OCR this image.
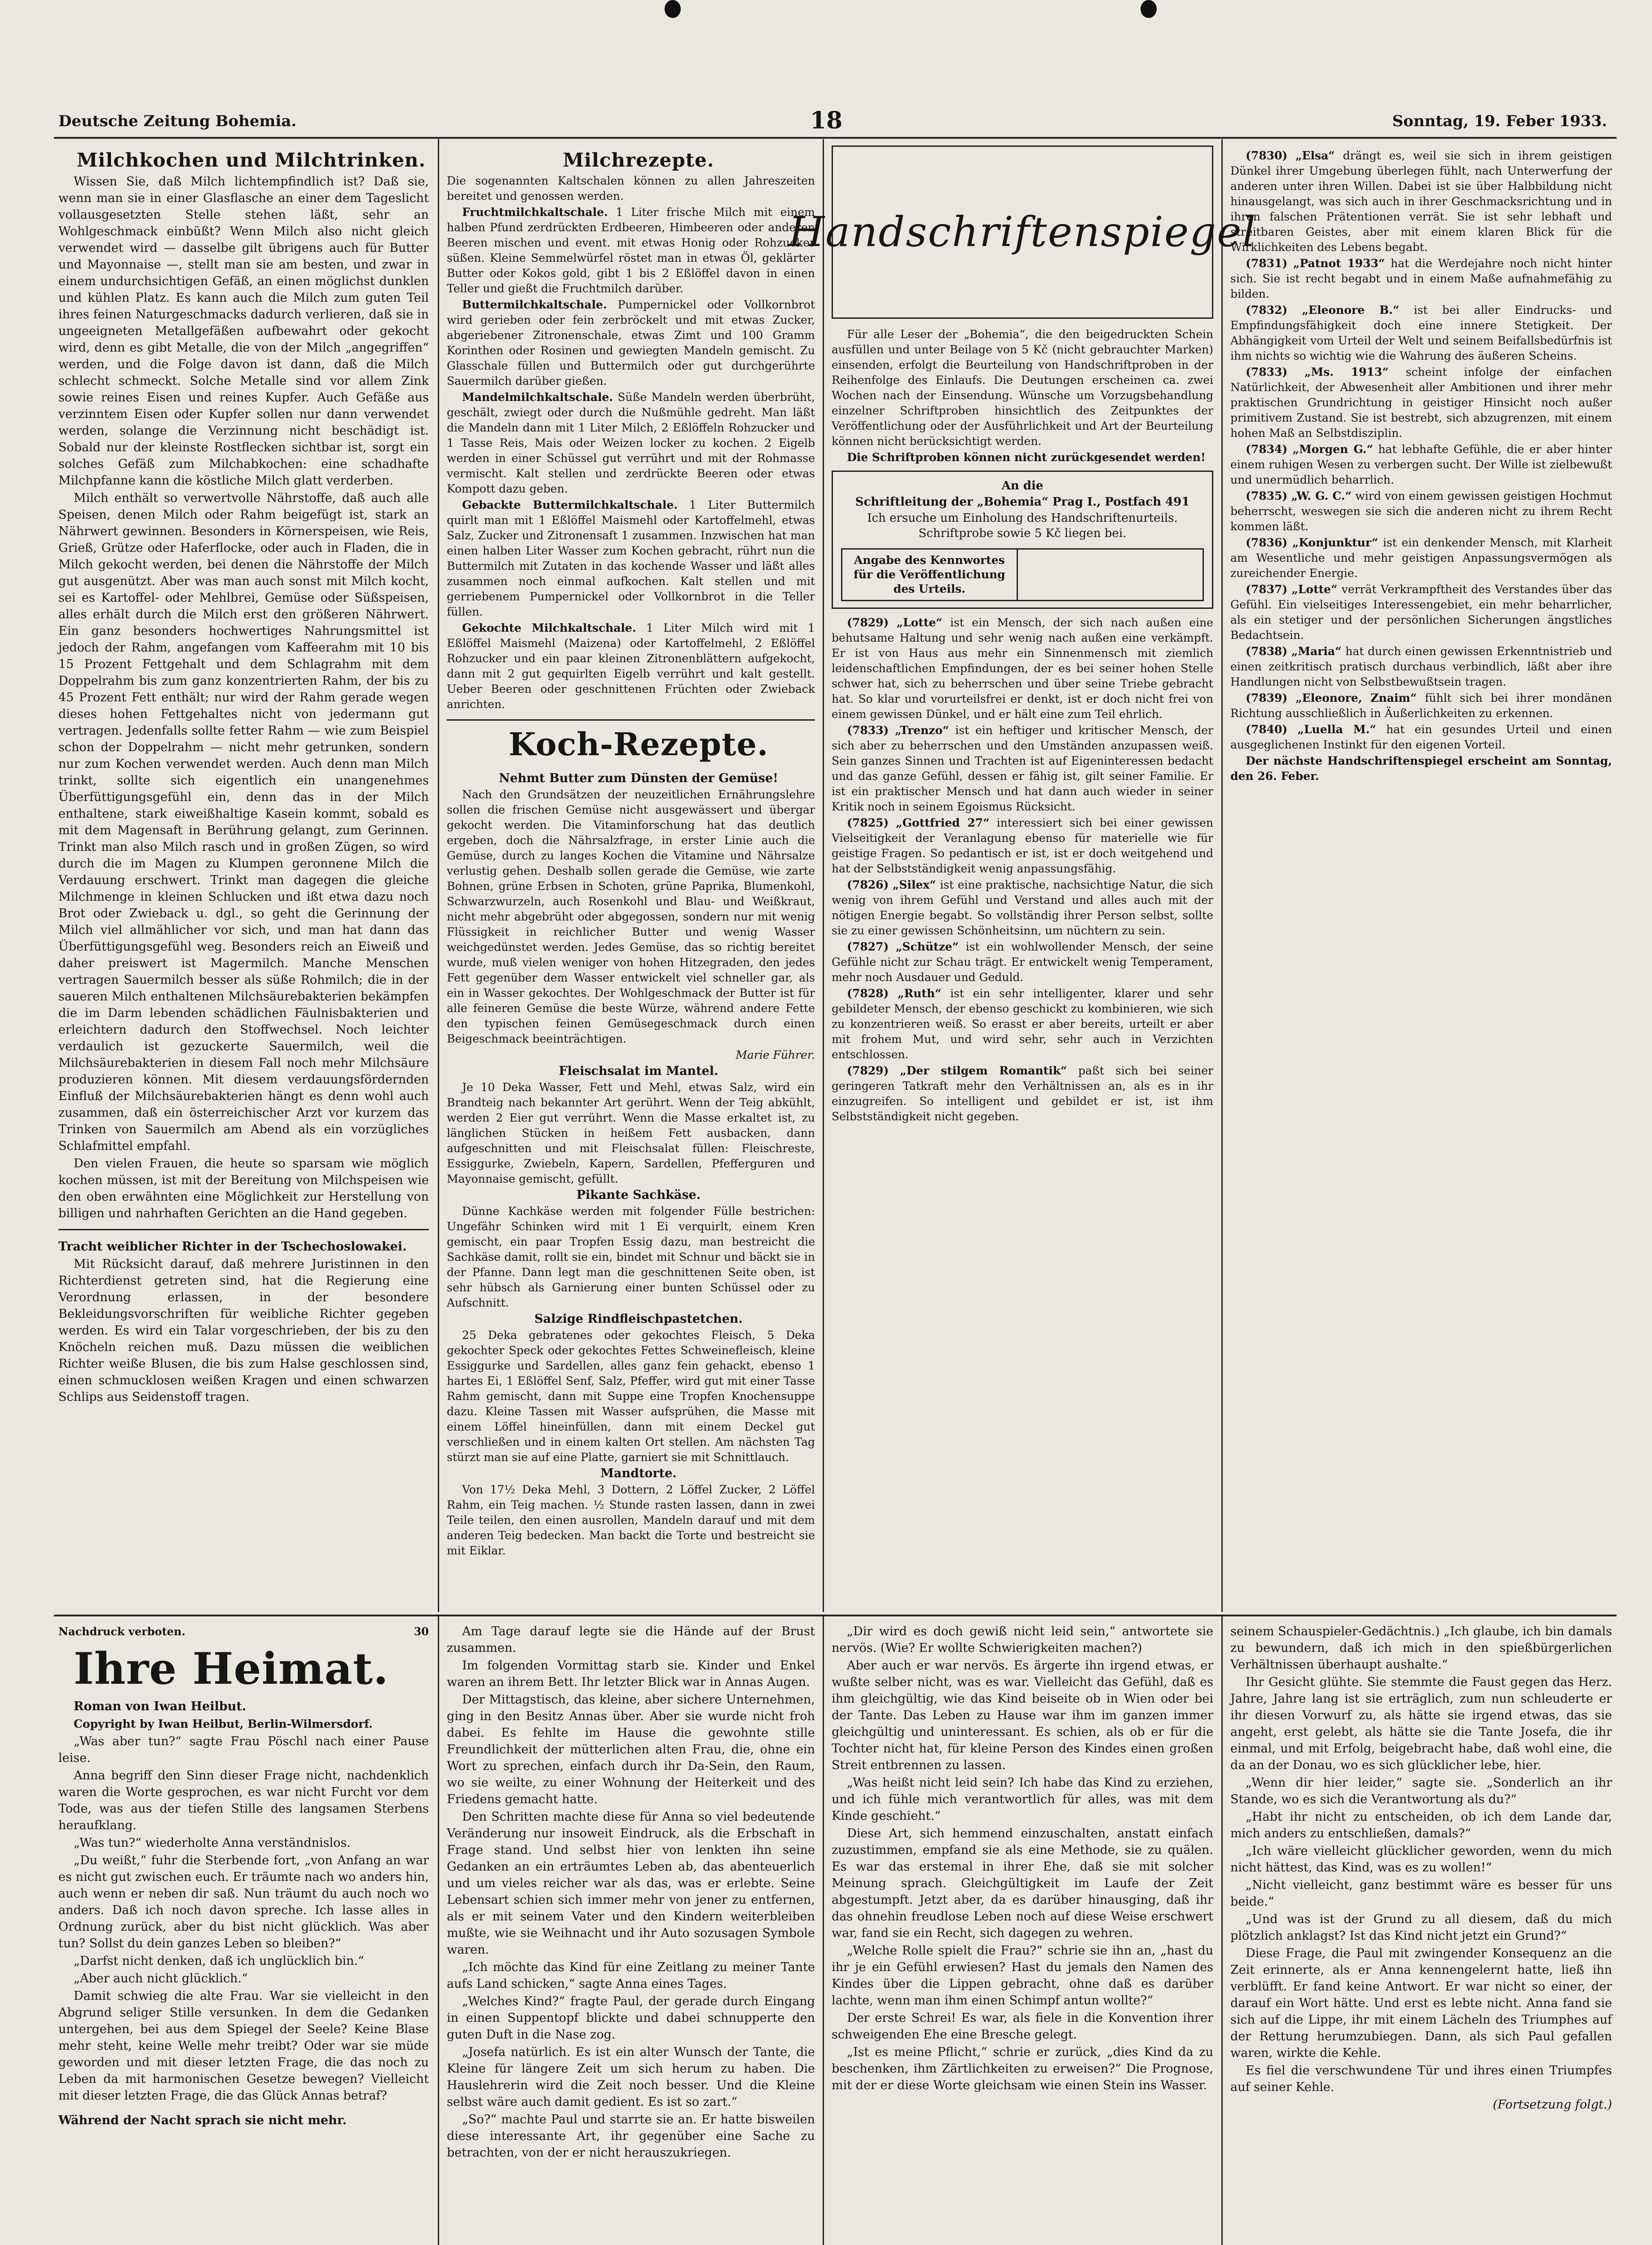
Deutsche Zeitung Bohemia.	18	Sonntag, 19. Feber 1933.

Milchkochen und Milchtrinken.

Wissen Sie, daß Milch lichtempfindlich ist? Daß sie, wenn man sie in einer Glasflasche an einer dem Tageslicht vollausgesetzten Stelle stehen läßt, sehr an Wohlgeschmack einbüßt? Wenn Milch also nicht gleich verwendet wird — dasselbe gilt übrigens auch für Butter und Mayonnaise —, stellt man sie am besten, und zwar in einem undurchsichtigen Gefäß, an einen möglichst dunklen und kühlen Platz. Es kann auch die Milch zum guten Teil ihres feinen Naturgeschmacks dadurch verlieren, daß sie in ungeeigneten Metallgefäßen aufbewahrt oder gekocht wird, denn es gibt Metalle, die von der Milch „angegriffen“ werden, und die Folge davon ist dann, daß die Milch schlecht schmeckt. Solche Metalle sind vor allem Zink sowie reines Eisen und reines Kupfer. Auch Gefäße aus verzinntem Eisen oder Kupfer sollen nur dann verwendet werden, solange die Verzinnung nicht beschädigt ist. Sobald nur der kleinste Rostflecken sichtbar ist, sorgt ein solches Gefäß zum Milchabkochen: eine schadhafte Milchpfanne kann die köstliche Milch glatt verderben.

Milch enthält so verwertvolle Nährstoffe, daß auch alle Speisen, denen Milch oder Rahm beigefügt ist, stark an Nährwert gewinnen. Besonders in Körnerspeisen, wie Reis, Grieß, Grütze oder Haferflocke, oder auch in Fladen, die in Milch gekocht werden, bei denen die Nährstoffe der Milch gut ausgenützt. Aber was man auch sonst mit Milch kocht, sei es Kartoffel- oder Mehlbrei, Gemüse oder Süßspeisen, alles erhält durch die Milch erst den größeren Nährwert. Ein ganz besonders hochwertiges Nahrungsmittel ist jedoch der Rahm, angefangen vom Kaffeerahm mit 10 bis 15 Prozent Fettgehalt und dem Schlagrahm mit dem Doppelrahm bis zum ganz konzentrierten Rahm, der bis zu 45 Prozent Fett enthält; nur wird der Rahm gerade wegen dieses hohen Fettgehaltes nicht von jedermann gut vertragen. Jedenfalls sollte fetter Rahm — wie zum Beispiel schon der Doppelrahm — nicht mehr getrunken, sondern nur zum Kochen verwendet werden. Auch denn man Milch trinkt, sollte sich eigentlich ein unangenehmes Überfüttigungsgefühl ein, denn das in der Milch enthaltene, stark eiweißhaltige Kasein kommt, sobald es mit dem Magensaft in Berührung gelangt, zum Gerinnen. Trinkt man also Milch rasch und in großen Zügen, so wird durch die im Magen zu Klumpen geronnene Milch die Verdauung erschwert. Trinkt man dagegen die gleiche Milchmenge in kleinen Schlucken und ißt etwa dazu noch Brot oder Zwieback u. dgl., so geht die Gerinnung der Milch viel allmählicher vor sich, und man hat dann das Überfüttigungsgefühl weg. Besonders reich an Eiweiß und daher preiswert ist Magermilch. Manche Menschen vertragen Sauermilch besser als süße Rohmilch; die in der saueren Milch enthaltenen Milchsäurebakterien bekämpfen die im Darm lebenden schädlichen Fäulnisbakterien und erleichtern dadurch den Stoffwechsel. Noch leichter verdaulich ist gezuckerte Sauermilch, weil die Milchsäurebakterien in diesem Fall noch mehr Milchsäure produzieren können. Mit diesem verdauungsfördernden Einfluß der Milchsäurebakterien hängt es denn wohl auch zusammen, daß ein österreichischer Arzt vor kurzem das Trinken von Sauermilch am Abend als ein vorzügliches Schlafmittel empfahl.

Den vielen Frauen, die heute so sparsam wie möglich kochen müssen, ist mit der Bereitung von Milchspeisen wie den oben erwähnten eine Möglichkeit zur Herstellung von billigen und nahrhaften Gerichten an die Hand gegeben.

Tracht weiblicher Richter in der Tschechoslowakei.

Mit Rücksicht darauf, daß mehrere Juristinnen in den Richterdienst getreten sind, hat die Regierung eine Verordnung erlassen, in der besondere Bekleidungsvorschriften für weibliche Richter gegeben werden. Es wird ein Talar vorgeschrieben, der bis zu den Knöcheln reichen muß. Dazu müssen die weiblichen Richter weiße Blusen, die bis zum Halse geschlossen sind, einen schmucklosen weißen Kragen und einen schwarzen Schlips aus Seidenstoff tragen.

Milchrezepte.

Die sogenannten Kaltschalen können zu allen Jahreszeiten bereitet und genossen werden.

Fruchtmilchkaltschale. 1 Liter frische Milch mit einem halben Pfund zerdrückten Erdbeeren, Himbeeren oder anderen Beeren mischen und event. mit etwas Honig oder Rohzucker süßen. Kleine Semmelwürfel röstet man in etwas Öl, geklärter Butter oder Kokos gold, gibt 1 bis 2 Eßlöffel davon in einen Teller und gießt die Fruchtmilch darüber.

Buttermilchkaltschale. Pumpernickel oder Vollkornbrot wird gerieben oder fein zerbröckelt und mit etwas Zucker, abgeriebener Zitronenschale, etwas Zimt und 100 Gramm Korinthen oder Rosinen und gewiegten Mandeln gemischt. Zu Glasschale füllen und Buttermilch oder gut durchgerührte Sauermilch darüber gießen.

Mandelmilchkaltschale. Süße Mandeln werden überbrüht, geschält, zwiegt oder durch die Nußmühle gedreht. Man läßt die Mandeln dann mit 1 Liter Milch, 2 Eßlöffeln Rohzucker und 1 Tasse Reis, Mais oder Weizen locker zu kochen. 2 Eigelb werden in einer Schüssel gut verrührt und mit der Rohmasse vermischt. Kalt stellen und zerdrückte Beeren oder etwas Kompott dazu geben.

Gebackte Buttermilchkaltschale. 1 Liter Buttermilch quirlt man mit 1 Eßlöffel Maismehl oder Kartoffelmehl, etwas Salz, Zucker und Zitronensaft 1 zusammen. Inzwischen hat man einen halben Liter Wasser zum Kochen gebracht, rührt nun die Buttermilch mit Zutaten in das kochende Wasser und läßt alles zusammen noch einmal aufkochen. Kalt stellen und mit gerriebenem Pumpernickel oder Vollkornbrot in die Teller füllen.

Gekochte Milchkaltschale. 1 Liter Milch wird mit 1 Eßlöffel Maismehl (Maizena) oder Kartoffelmehl, 2 Eßlöffel Rohzucker und ein paar kleinen Zitronenblättern aufgekocht, dann mit 2 gut gequirlten Eigelb verrührt und kalt gestellt. Ueber Beeren oder geschnittenen Früchten oder Zwieback anrichten.

Koch-Rezepte.

Nehmt Butter zum Dünsten der Gemüse!

Nach den Grundsätzen der neuzeitlichen Ernährungslehre sollen die frischen Gemüse nicht ausgewässert und übergar gekocht werden. Die Vitaminforschung hat das deutlich ergeben, doch die Nährsalzfrage, in erster Linie auch die Gemüse, durch zu langes Kochen die Vitamine und Nährsalze verlustig gehen. Deshalb sollen gerade die Gemüse, wie zarte Bohnen, grüne Erbsen in Schoten, grüne Paprika, Blumenkohl, Schwarzwurzeln, auch Rosenkohl und Blau- und Weißkraut, nicht mehr abgebrüht oder abgegossen, sondern nur mit wenig Flüssigkeit in reichlicher Butter und wenig Wasser weichgedünstet werden. Jedes Gemüse, das so richtig bereitet wurde, muß vielen weniger von hohen Hitzegraden, den jedes Fett gegenüber dem Wasser entwickelt viel schneller gar, als ein in Wasser gekochtes. Der Wohlgeschmack der Butter ist für alle feineren Gemüse die beste Würze, während andere Fette den typischen feinen Gemüsegeschmack durch einen Beigeschmack beeinträchtigen.

Marie Führer.

Fleischsalat im Mantel.

Je 10 Deka Wasser, Fett und Mehl, etwas Salz, wird ein Brandteig nach bekannter Art gerührt. Wenn der Teig abkühlt, werden 2 Eier gut verrührt. Wenn die Masse erkaltet ist, zu länglichen Stücken in heißem Fett ausbacken, dann aufgeschnitten und mit Fleischsalat füllen: Fleischreste, Essiggurke, Zwiebeln, Kapern, Sardellen, Pfefferguren und Mayonnaise gemischt, gefüllt.

Pikante Sachkäse.

Dünne Kachkäse werden mit folgender Fülle bestrichen: Ungefähr Schinken wird mit 1 Ei verquirlt, einem Kren gemischt, ein paar Tropfen Essig dazu, man bestreicht die Sachkäse damit, rollt sie ein, bindet mit Schnur und bäckt sie in der Pfanne. Dann legt man die geschnittenen Seite oben, ist sehr hübsch als Garnierung einer bunten Schüssel oder zu Aufschnitt.

Salzige Rindfleischpastetchen.

25 Deka gebratenes oder gekochtes Fleisch, 5 Deka gekochter Speck oder gekochtes Fettes Schweinefleisch, kleine Essiggurke und Sardellen, alles ganz fein gehackt, ebenso 1 hartes Ei, 1 Eßlöffel Senf, Salz, Pfeffer, wird gut mit einer Tasse Rahm gemischt, dann mit Suppe eine Tropfen Knochensuppe dazu. Kleine Tassen mit Wasser aufsprühen, die Masse mit einem Löffel hineinfüllen, dann mit einem Deckel gut verschließen und in einem kalten Ort stellen. Am nächsten Tag stürzt man sie auf eine Platte, garniert sie mit Schnittlauch.

Mandtorte.

Von 17½ Deka Mehl, 3 Dottern, 2 Löffel Zucker, 2 Löffel Rahm, ein Teig machen. ½ Stunde rasten lassen, dann in zwei Teile teilen, den einen ausrollen, Mandeln darauf und mit dem anderen Teig bedecken. Man backt die Torte und bestreicht sie mit Eiklar.

Handschriftenspiegel

Für alle Leser der „Bohemia“, die den beigedruckten Schein ausfüllen und unter Beilage von 5 Kč (nicht gebrauchter Marken) einsenden, erfolgt die Beurteilung von Handschriftproben in der Reihenfolge des Einlaufs. Die Deutungen erscheinen ca. zwei Wochen nach der Einsendung. Wünsche um Vorzugsbehandlung einzelner Schriftproben hinsichtlich des Zeitpunktes der Veröffentlichung oder der Ausführlichkeit und Art der Beurteilung können nicht berücksichtigt werden.

Die Schriftproben können nicht zurückgesendet werden!

An die

Schriftleitung der „Bohemia“ Prag I., Postfach 491

Ich ersuche um Einholung des Handschriftenurteils. Schriftprobe sowie 5 Kč liegen bei.

Angabe des Kennwortes für die Veröffentlichung des Urteils.

(7829) „Lotte“ ist ein Mensch, der sich nach außen eine behutsame Haltung und sehr wenig nach außen eine verkämpft. Er ist von Haus aus mehr ein Sinnenmensch mit ziemlich leidenschaftlichen Empfindungen, der es bei seiner hohen Stelle schwer hat, sich zu beherrschen und über seine Triebe gebracht hat. So klar und vorurteilsfrei er denkt, ist er doch nicht frei von einem gewissen Dünkel, und er hält eine zum Teil ehrlich.

(7833) „Trenzo“ ist ein heftiger und kritischer Mensch, der sich aber zu beherrschen und den Umständen anzupassen weiß. Sein ganzes Sinnen und Trachten ist auf Eigeninteressen bedacht und das ganze Gefühl, dessen er fähig ist, gilt seiner Familie. Er ist ein praktischer Mensch und hat dann auch wieder in seiner Kritik noch in seinem Egoismus Rücksicht.

(7825) „Gottfried 27“ interessiert sich bei einer gewissen Vielseitigkeit der Veranlagung ebenso für materielle wie für geistige Fragen. So pedantisch er ist, ist er doch weitgehend und hat der Selbstständigkeit wenig anpassungsfähig.

(7826) „Silex“ ist eine praktische, nachsichtige Natur, die sich wenig von ihrem Gefühl und Verstand und alles auch mit der nötigen Energie begabt. So vollständig ihrer Person selbst, sollte sie zu einer gewissen Schönheitsinn, um nüchtern zu sein.

(7827) „Schütze“ ist ein wohlwollender Mensch, der seine Gefühle nicht zur Schau trägt. Er entwickelt wenig Temperament, mehr noch Ausdauer und Geduld.

(7828) „Ruth“ ist ein sehr intelligenter, klarer und sehr gebildeter Mensch, der ebenso geschickt zu kombinieren, wie sich zu konzentrieren weiß. So erasst er aber bereits, urteilt er aber mit frohem Mut, und wird sehr, sehr auch in Verzichten entschlossen.

(7829) „Der stilgem Romantik“ paßt sich bei seiner geringeren Tatkraft mehr den Verhältnissen an, als es in ihr einzugreifen. So intelligent und gebildet er ist, ist ihm Selbstständigkeit nicht gegeben.

(7830) „Elsa“ drängt es, weil sie sich in ihrem geistigen Dünkel ihrer Umgebung überlegen fühlt, nach Unterwerfung der anderen unter ihren Willen. Dabei ist sie über Halbbildung nicht hinausgelangt, was sich auch in ihrer Geschmacksrichtung und in ihren falschen Prätentionen verrät. Sie ist sehr lebhaft und streitbaren Geistes, aber mit einem klaren Blick für die Wirklichkeiten des Lebens begabt.

(7831) „Patnot 1933“ hat die Werdejahre noch nicht hinter sich. Sie ist recht begabt und in einem Maße aufnahmefähig zu bilden.

(7832) „Eleonore B.“ ist bei aller Eindrucks- und Empfindungsfähigkeit doch eine innere Stetigkeit. Der Abhängigkeit vom Urteil der Welt und seinem Beifallsbedürfnis ist ihm nichts so wichtig wie die Wahrung des äußeren Scheins.

(7833) „Ms. 1913“ scheint infolge der einfachen Natürlichkeit, der Abwesenheit aller Ambitionen und ihrer mehr praktischen Grundrichtung in geistiger Hinsicht noch außer primitivem Zustand. Sie ist bestrebt, sich abzugrenzen, mit einem hohen Maß an Selbstdisziplin.

(7834) „Morgen G.“ hat lebhafte Gefühle, die er aber hinter einem ruhigen Wesen zu verbergen sucht. Der Wille ist zielbewußt und unermüdlich beharrlich.

(7835) „W. G. C.“ wird von einem gewissen geistigen Hochmut beherrscht, weswegen sie sich die anderen nicht zu ihrem Recht kommen läßt.

(7836) „Konjunktur“ ist ein denkender Mensch, mit Klarheit am Wesentliche und mehr geistigen Anpassungsvermögen als zureichender Energie.

(7837) „Lotte“ verrät Verkrampftheit des Verstandes über das Gefühl. Ein vielseitiges Interessengebiet, ein mehr beharrlicher, als ein stetiger und der persönlichen Sicherungen ängstliches Bedachtsein.

(7838) „Maria“ hat durch einen gewissen Erkenntnistrieb und einen zeitkritisch pratisch durchaus verbindlich, läßt aber ihre Handlungen nicht von Selbstbewußtsein tragen.

(7839) „Eleonore, Znaim“ fühlt sich bei ihrer mondänen Richtung ausschließlich in Äußerlichkeiten zu erkennen.

(7840) „Luella M.“ hat ein gesundes Urteil und einen ausgeglichenen Instinkt für den eigenen Vorteil.

Der nächste Handschriftenspiegel erscheint am Sonntag, den 26. Feber.

Nachdruck verboten.	30

Ihre Heimat.

Roman von Iwan Heilbut.

Copyright by Iwan Heilbut, Berlin-Wilmersdorf.

„Was aber tun?“ sagte Frau Pöschl nach einer Pause leise.

Anna begriff den Sinn dieser Frage nicht, nachdenklich waren die Worte gesprochen, es war nicht Furcht vor dem Tode, was aus der tiefen Stille des langsamen Sterbens heraufklang.

„Was tun?“ wiederholte Anna verständnislos.

„Du weißt,“ fuhr die Sterbende fort, „von Anfang an war es nicht gut zwischen euch. Er träumte nach wo anders hin, auch wenn er neben dir saß. Nun träumt du auch noch wo anders. Daß ich noch davon spreche. Ich lasse alles in Ordnung zurück, aber du bist nicht glücklich. Was aber tun? Sollst du dein ganzes Leben so bleiben?“

„Darfst nicht denken, daß ich unglücklich bin.“

„Aber auch nicht glücklich.“

Damit schwieg die alte Frau. War sie vielleicht in den Abgrund seliger Stille versunken. In dem die Gedanken untergehen, bei aus dem Spiegel der Seele? Keine Blase mehr steht, keine Welle mehr treibt? Oder war sie müde geworden und mit dieser letzten Frage, die das noch zu Leben da mit harmonischen Gesetze bewegen? Vielleicht mit dieser letzten Frage, die das Glück Annas betraf?

Während der Nacht sprach sie nicht mehr.

Am Tage darauf legte sie die Hände auf der Brust zusammen.

Im folgenden Vormittag starb sie. Kinder und Enkel waren an ihrem Bett. Ihr letzter Blick war in Annas Augen.

Der Mittagstisch, das kleine, aber sichere Unternehmen, ging in den Besitz Annas über. Aber sie wurde nicht froh dabei. Es fehlte im Hause die gewohnte stille Freundlichkeit der mütterlichen alten Frau, die, ohne ein Wort zu sprechen, einfach durch ihr Da-Sein, den Raum, wo sie weilte, zu einer Wohnung der Heiterkeit und des Friedens gemacht hatte.

Den Schritten machte diese für Anna so viel bedeutende Veränderung nur insoweit Eindruck, als die Erbschaft in Frage stand. Und selbst hier von lenkten ihn seine Gedanken an ein erträumtes Leben ab, das abenteuerlich und um vieles reicher war als das, was er erlebte. Seine Lebensart schien sich immer mehr von jener zu entfernen, als er mit seinem Vater und den Kindern weiterbleiben mußte, wie sie Weihnacht und ihr Auto sozusagen Symbole waren.

„Ich möchte das Kind für eine Zeitlang zu meiner Tante aufs Land schicken,“ sagte Anna eines Tages.

„Welches Kind?“ fragte Paul, der gerade durch Eingang in einen Suppentopf blickte und dabei schnupperte den guten Duft in die Nase zog.

„Josefa natürlich. Es ist ein alter Wunsch der Tante, die Kleine für längere Zeit um sich herum zu haben. Die Hauslehrerin wird die Zeit noch besser. Und die Kleine selbst wäre auch damit gedient. Es ist so zart.“

„So?“ machte Paul und starrte sie an. Er hatte bisweilen diese interessante Art, ihr gegenüber eine Sache zu betrachten, von der er nicht herauszukriegen.

„Dir wird es doch gewiß nicht leid sein,“ antwortete sie nervös. (Wie? Er wollte Schwierigkeiten machen?)

Aber auch er war nervös. Es ärgerte ihn irgend etwas, er wußte selber nicht, was es war. Vielleicht das Gefühl, daß es ihm gleichgültig, wie das Kind beiseite ob in Wien oder bei der Tante. Das Leben zu Hause war ihm im ganzen immer gleichgültig und uninteressant. Es schien, als ob er für die Tochter nicht hat, für kleine Person des Kindes einen großen Streit entbrennen zu lassen.

„Was heißt nicht leid sein? Ich habe das Kind zu erziehen, und ich fühle mich verantwortlich für alles, was mit dem Kinde geschieht.“

Diese Art, sich hemmend einzuschalten, anstatt einfach zuzustimmen, empfand sie als eine Methode, sie zu quälen. Es war das erstemal in ihrer Ehe, daß sie mit solcher Meinung sprach. Gleichgültigkeit im Laufe der Zeit abgestumpft. Jetzt aber, da es darüber hinausging, daß ihr das ohnehin freudlose Leben noch auf diese Weise erschwert war, fand sie ein Recht, sich dagegen zu wehren.

„Welche Rolle spielt die Frau?“ schrie sie ihn an, „hast du ihr je ein Gefühl erwiesen? Hast du jemals den Namen des Kindes über die Lippen gebracht, ohne daß es darüber lachte, wenn man ihm einen Schimpf antun wollte?“

Der erste Schrei! Es war, als fiele in die Konvention ihrer schweigenden Ehe eine Bresche gelegt.

„Ist es meine Pflicht,“ schrie er zurück, „dies Kind da zu beschenken, ihm Zärtlichkeiten zu erweisen?“ Die Prognose, mit der er diese Worte gleichsam wie einen Stein ins Wasser.

seinem Schauspieler-Gedächtnis.) „Ich glaube, ich bin damals zu bewundern, daß ich mich in den spießbürgerlichen Verhältnissen überhaupt aushalte.“

Ihr Gesicht glühte. Sie stemmte die Faust gegen das Herz. Jahre, Jahre lang ist sie erträglich, zum nun schleuderte er ihr diesen Vorwurf zu, als hätte sie irgend etwas, das sie angeht, erst gelebt, als hätte sie die Tante Josefa, die ihr einmal, und mit Erfolg, beigebracht habe, daß wohl eine, die da an der Donau, wo es sich glücklicher lebe, hier.

„Wenn dir hier leider,“ sagte sie. „Sonderlich an ihr Stande, wo es sich die Verantwortung als du?“

„Habt ihr nicht zu entscheiden, ob ich dem Lande dar, mich anders zu entschließen, damals?“

„Ich wäre vielleicht glücklicher geworden, wenn du mich nicht hättest, das Kind, was es zu wollen!“

„Nicht vielleicht, ganz bestimmt wäre es besser für uns beide.“

„Und was ist der Grund zu all diesem, daß du mich plötzlich anklagst? Ist das Kind nicht jetzt ein Grund?“

Diese Frage, die Paul mit zwingender Konsequenz an die Zeit erinnerte, als er Anna kennengelernt hatte, ließ ihn verblüfft. Er fand keine Antwort. Er war nicht so einer, der darauf ein Wort hätte. Und erst es lebte nicht. Anna fand sie sich auf die Lippe, ihr mit einem Lächeln des Triumphes auf der Rettung herumzubiegen. Dann, als sich Paul gefallen waren, wirkte die Kehle.

Es fiel die verschwundene Tür und ihres einen Triumpfes auf seiner Kehle.

(Fortsetzung folgt.)
